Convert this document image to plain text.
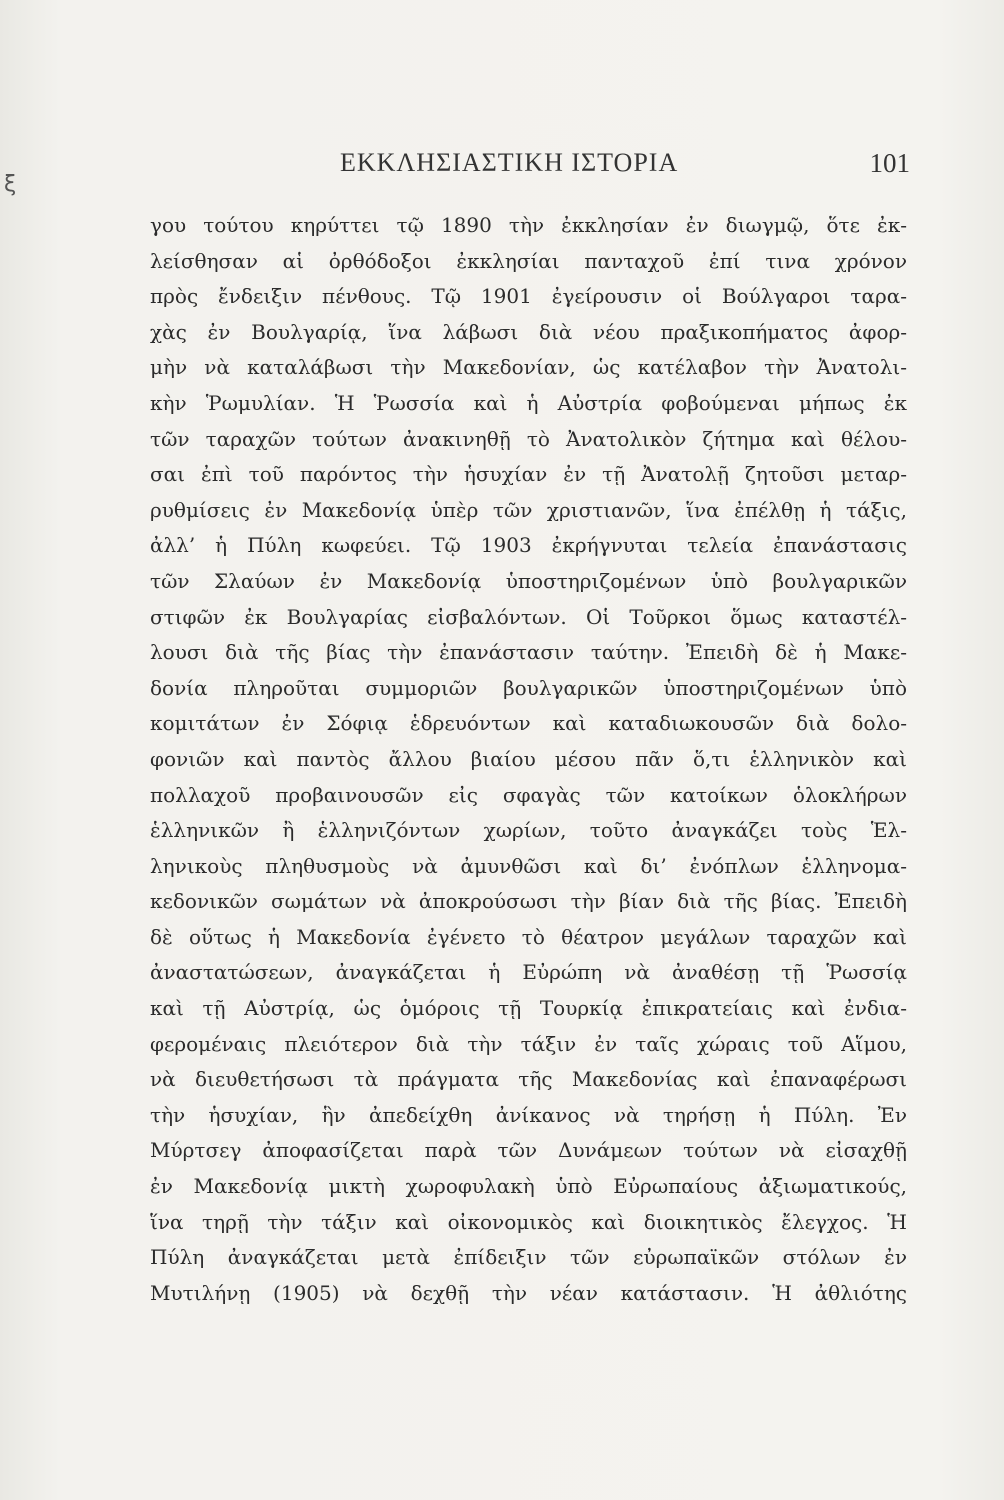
ξ
ΕΚΚΛΗΣΙΑΣΤΙΚΗ ΙΣΤΟΡΙΑ	101
γου τούτου κηρύττει τῷ 1890 τὴν ἐκκλησίαν ἐν διωγμῷ, ὅτε ἐκ-
λείσθησαν αἱ ὀρθόδοξοι ἐκκλησίαι πανταχοῦ ἐπί τινα χρόνον
πρὸς ἔνδειξιν πένθους. Τῷ 1901 ἐγείρουσιν οἱ Βούλγαροι ταρα-
χὰς ἐν Βουλγαρίᾳ, ἵνα λάβωσι διὰ νέου πραξικοπήματος ἀφορ-
μὴν νὰ καταλάβωσι τὴν Μακεδονίαν, ὡς κατέλαβον τὴν Ἀνατολι-
κὴν Ῥωμυλίαν. Ἡ Ῥωσσία καὶ ἡ Αὐστρία φοβούμεναι μήπως ἐκ
τῶν ταραχῶν τούτων ἀνακινηθῇ τὸ Ἀνατολικὸν ζήτημα καὶ θέλου-
σαι ἐπὶ τοῦ παρόντος τὴν ἡσυχίαν ἐν τῇ Ἀνατολῇ ζητοῦσι μεταρ-
ρυθμίσεις ἐν Μακεδονίᾳ ὑπὲρ τῶν χριστιανῶν, ἵνα ἐπέλθῃ ἡ τάξις,
ἀλλ’ ἡ Πύλη κωφεύει. Τῷ 1903 ἐκρήγνυται τελεία ἐπανάστασις
τῶν Σλαύων ἐν Μακεδονίᾳ ὑποστηριζομένων ὑπὸ βουλγαρικῶν
στιφῶν ἐκ Βουλγαρίας εἰσβαλόντων. Οἱ Τοῦρκοι ὅμως καταστέλ-
λουσι διὰ τῆς βίας τὴν ἐπανάστασιν ταύτην. Ἐπειδὴ δὲ ἡ Μακε-
δονία πληροῦται συμμοριῶν βουλγαρικῶν ὑποστηριζομένων ὑπὸ
κομιτάτων ἐν Σόφιᾳ ἑδρευόντων καὶ καταδιωκουσῶν διὰ δολο-
φονιῶν καὶ παντὸς ἄλλου βιαίου μέσου πᾶν ὅ,τι ἑλληνικὸν καὶ
πολλαχοῦ προβαινουσῶν εἰς σφαγὰς τῶν κατοίκων ὁλοκλήρων
ἑλληνικῶν ἢ ἑλληνιζόντων χωρίων, τοῦτο ἀναγκάζει τοὺς Ἑλ-
ληνικοὺς πληθυσμοὺς νὰ ἀμυνθῶσι καὶ δι’ ἐνόπλων ἑλληνομα-
κεδονικῶν σωμάτων νὰ ἀποκρούσωσι τὴν βίαν διὰ τῆς βίας. Ἐπειδὴ
δὲ οὕτως ἡ Μακεδονία ἐγένετο τὸ θέατρον μεγάλων ταραχῶν καὶ
ἀναστατώσεων, ἀναγκάζεται ἡ Εὐρώπη νὰ ἀναθέσῃ τῇ Ῥωσσίᾳ
καὶ τῇ Αὐστρίᾳ, ὡς ὁμόροις τῇ Τουρκίᾳ ἐπικρατείαις καὶ ἐνδια-
φερομέναις πλειότερον διὰ τὴν τάξιν ἐν ταῖς χώραις τοῦ Αἵμου,
νὰ διευθετήσωσι τὰ πράγματα τῆς Μακεδονίας καὶ ἐπαναφέρωσι
τὴν ἡσυχίαν, ἣν ἀπεδείχθη ἀνίκανος νὰ τηρήσῃ ἡ Πύλη. Ἐν
Μύρτσεγ ἀποφασίζεται παρὰ τῶν Δυνάμεων τούτων νὰ εἰσαχθῇ
ἐν Μακεδονίᾳ μικτὴ χωροφυλακὴ ὑπὸ Εὐρωπαίους ἀξιωματικούς,
ἵνα τηρῇ τὴν τάξιν καὶ οἰκονομικὸς καὶ διοικητικὸς ἔλεγχος. Ἡ
Πύλη ἀναγκάζεται μετὰ ἐπίδειξιν τῶν εὐρωπαϊκῶν στόλων ἐν
Μυτιλήνῃ (1905) νὰ δεχθῇ τὴν νέαν κατάστασιν. Ἡ ἀθλιότης
